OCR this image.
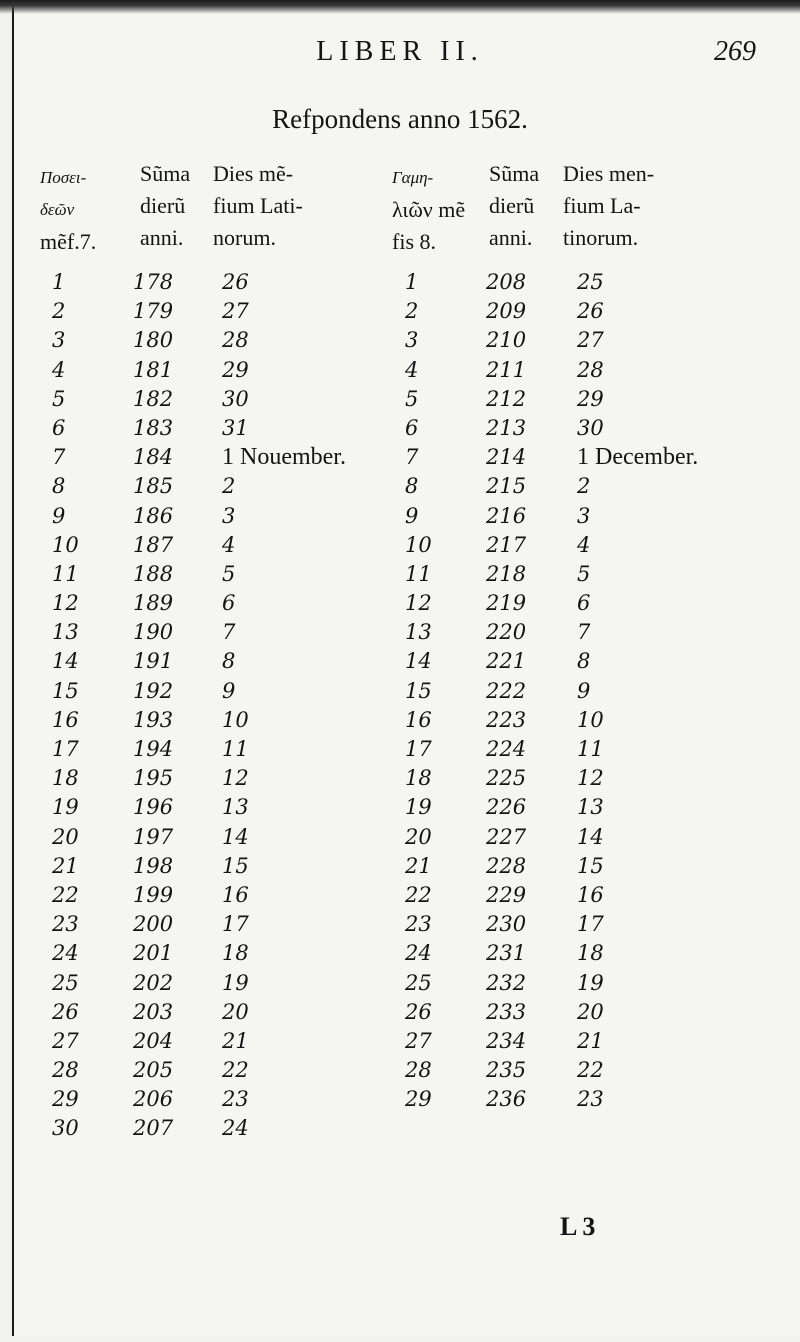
LIBER II.	269
Refpondens anno 1562.
Ποσει-
δεῶν
mẽf.7.
Sũma
dierũ
anni.
Dies mẽ-
fium Lati-
norum.
Γαμη-
λιῶν mẽ
fis 8.
Sũma
dierũ
anni.
Dies men-
fium La-
tinorum.
1
2
3
4
5
6
7
8
9
10
11
12
13
14
15
16
17
18
19
20
21
22
23
24
25
26
27
28
29
30
178
179
180
181
182
183
184
185
186
187
188
189
190
191
192
193
194
195
196
197
198
199
200
201
202
203
204
205
206
207
26
27
28
29
30
31
1 Nouember.
2
3
4
5
6
7
8
9
10
11
12
13
14
15
16
17
18
19
20
21
22
23
24
1
2
3
4
5
6
7
8
9
10
11
12
13
14
15
16
17
18
19
20
21
22
23
24
25
26
27
28
29
208
209
210
211
212
213
214
215
216
217
218
219
220
221
222
223
224
225
226
227
228
229
230
231
232
233
234
235
236
25
26
27
28
29
30
1 December.
2
3
4
5
6
7
8
9
10
11
12
13
14
15
16
17
18
19
20
21
22
23
L 3
